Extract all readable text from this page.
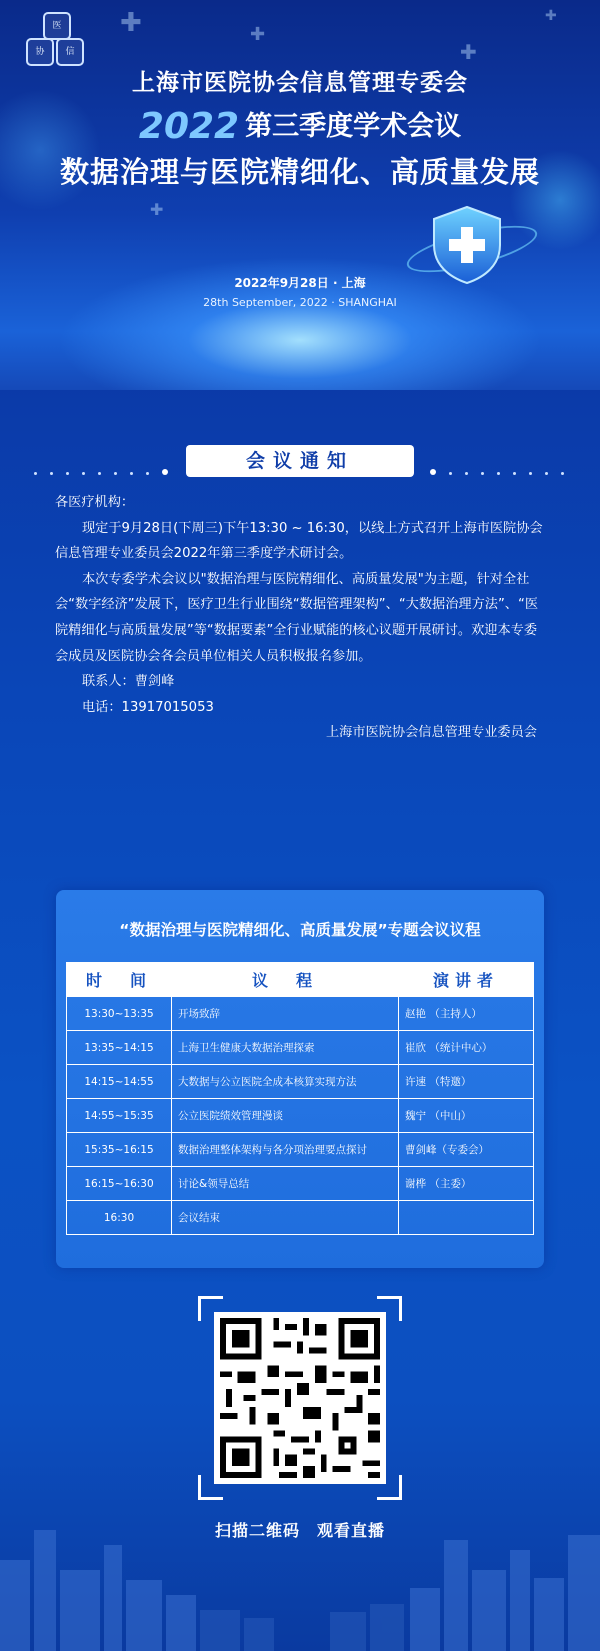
✚	✚
✚
✚
✚
医
协	信
上海市医院协会信息管理专委会
2022 第三季度学术会议
数据治理与医院精细化、高质量发展
2022年9月28日 · 上海
28th September, 2022 · SHANGHAI
会议通知

各医疗机构：

现定于9月28日(下周三)下午13:30 ~ 16:30，以线上方式召开上海市医院协会信息管理专业委员会2022年第三季度学术研讨会。

本次专委学术会议以"数据治理与医院精细化、高质量发展"为主题，针对全社会“数字经济”发展下，医疗卫生行业围绕“数据管理架构”、“大数据治理方法”、“医院精细化与高质量发展”等“数据要素”全行业赋能的核心议题开展研讨。欢迎本专委会成员及医院协会各会员单位相关人员积极报名参加。

联系人：曹剑峰

电话：13917015053

上海市医院协会信息管理专业委员会

“数据治理与医院精细化、高质量发展”专题会议议程
时　间	议　程	演讲者
13:30~13:35	开场致辞	赵艳 （主持人）
13:35~14:15	上海卫生健康大数据治理探索	崔欣 （统计中心）
14:15~14:55	大数据与公立医院全成本核算实现方法	许速 （特邀）
14:55~15:35	公立医院绩效管理漫谈	魏宁 （中山）
15:35~16:15	数据治理整体架构与各分项治理要点探讨	曹剑峰（专委会）
16:15~16:30	讨论&领导总结	谢桦 （主委）
16:30	会议结束	
扫描二维码　观看直播
